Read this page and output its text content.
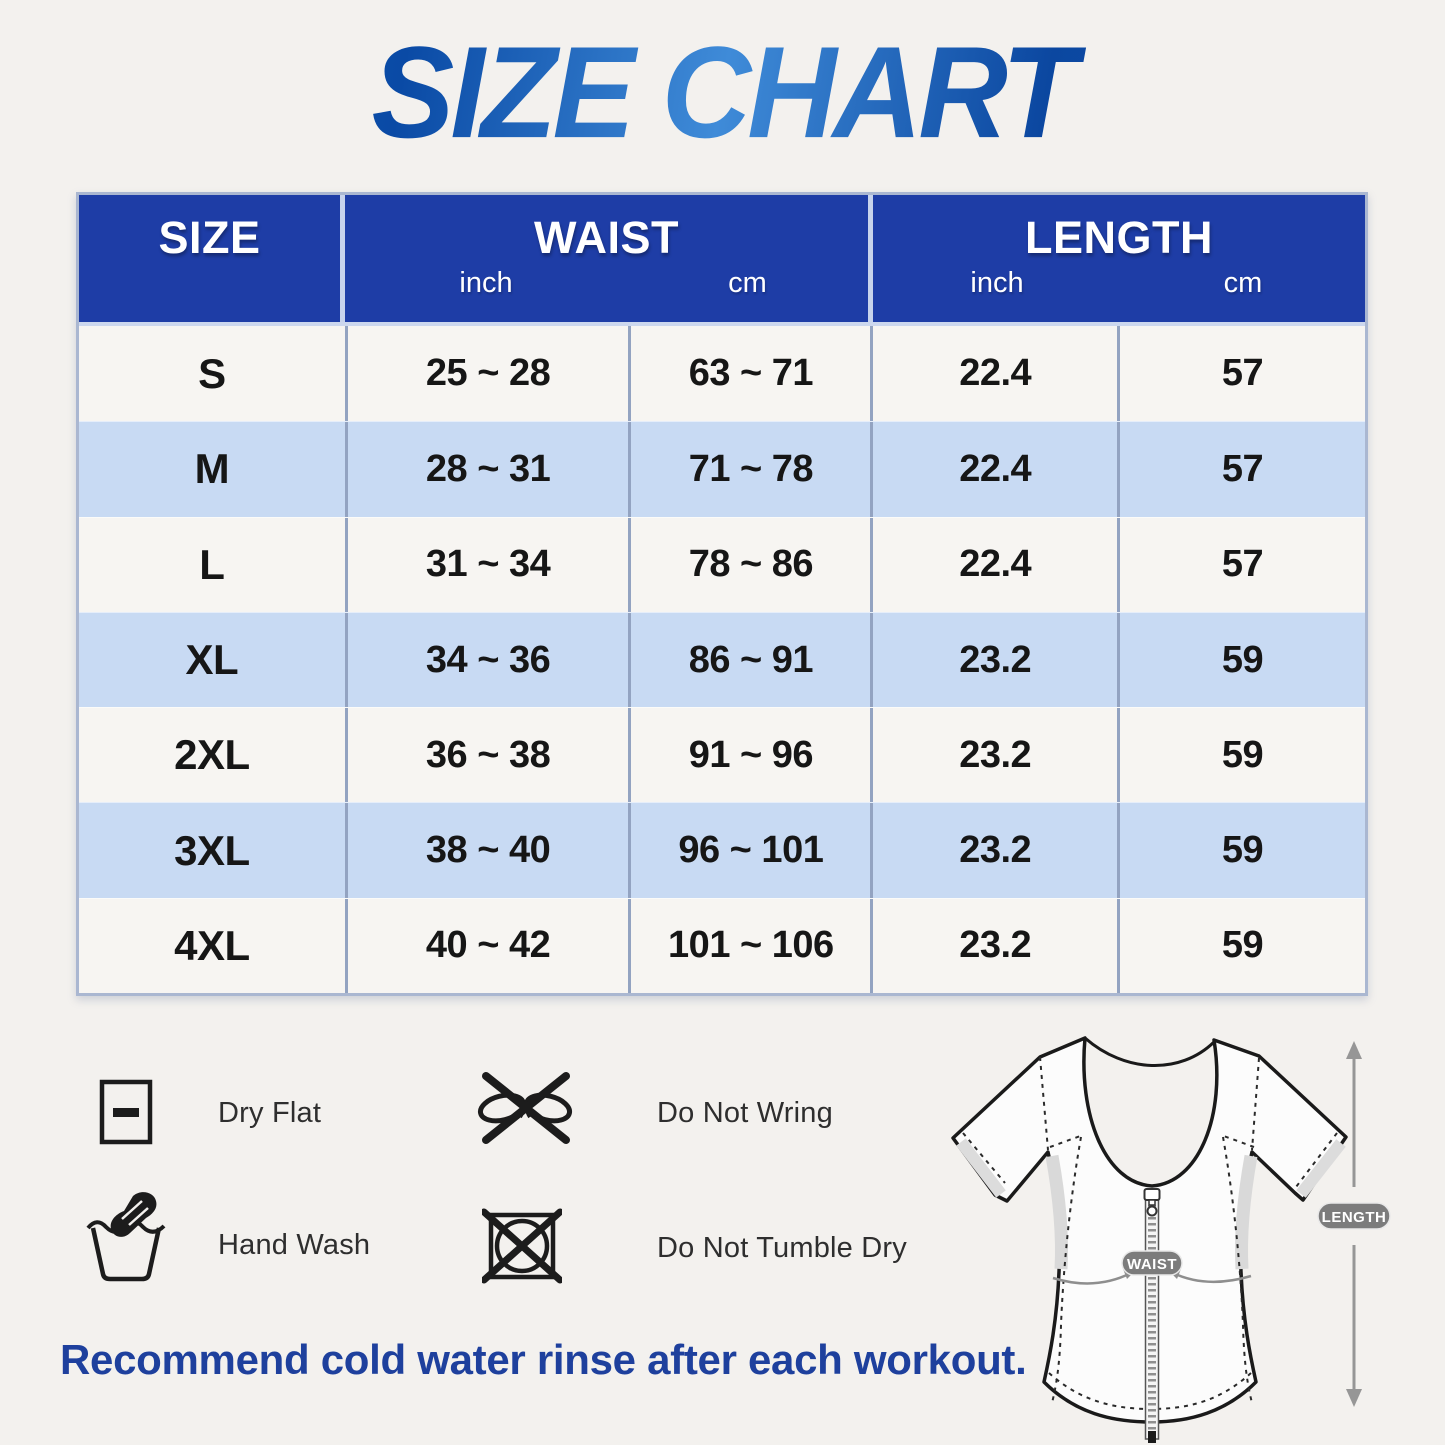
SIZE CHART
SIZE	WAIST
inch	cm
LENGTH
inch	cm
S	25 ~ 28	63 ~ 71	22.4	57
M	28 ~ 31	71 ~ 78	22.4	57
L	31 ~ 34	78 ~ 86	22.4	57
XL	34 ~ 36	86 ~ 91	23.2	59
2XL	36 ~ 38	91 ~ 96	23.2	59
3XL	38 ~ 40	96 ~ 101	23.2	59
4XL	40 ~ 42	101 ~ 106	23.2	59
Dry Flat	Do Not Wring
Hand Wash	Do Not Tumble Dry
WAIST
LENGTH
Recommend cold water rinse after each workout.
